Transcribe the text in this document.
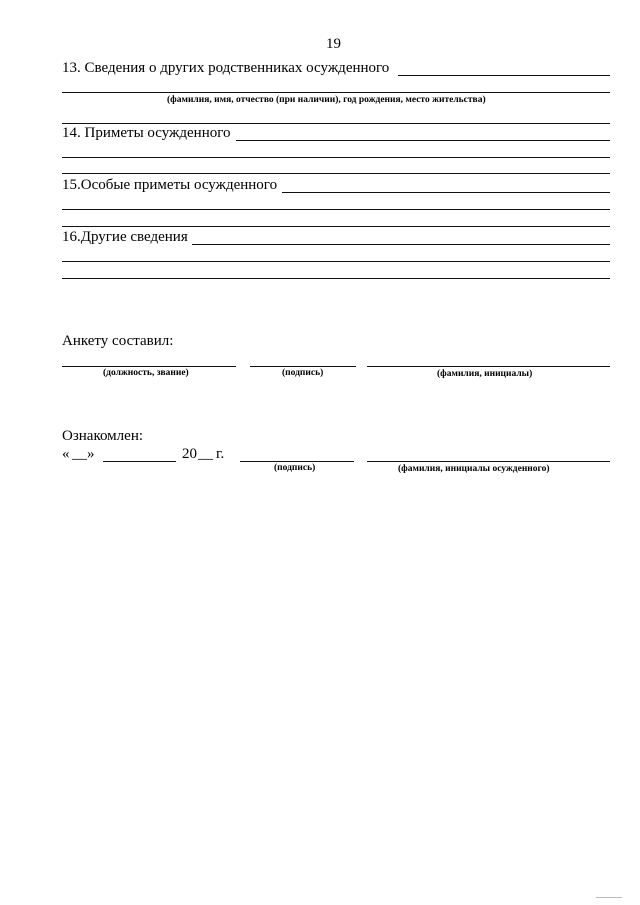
19
13. Сведения о других родственниках осужденного
(фамилия, имя, отчество (при наличии), год рождения, место жительства)
14. Приметы осужденного
15.Особые приметы осужденного
16.Другие сведения
Анкету составил:
(должность, звание)	(подпись)	(фамилия, инициалы)
Ознакомлен:
« __ »	20 __ г.
(подпись)	(фамилия, инициалы осужденного)
